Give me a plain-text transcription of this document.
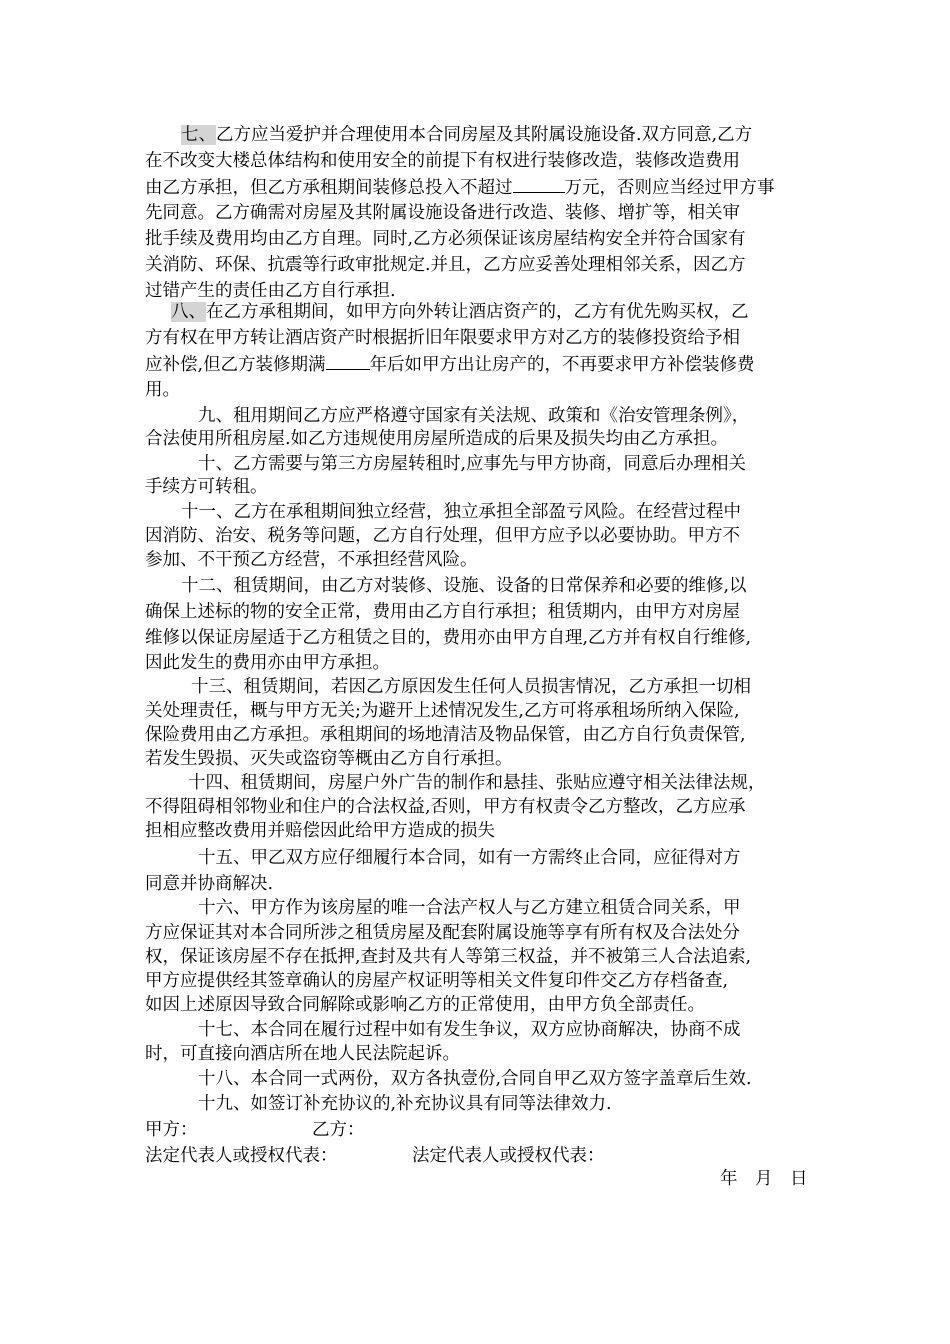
七、乙方应当爱护并合理使用本合同房屋及其附属设施设备.双方同意,乙方
在不改变大楼总体结构和使用安全的前提下有权进行装修改造，装修改造费用
由乙方承担，但乙方承租期间装修总投入不超过	万元，否则应当经过甲方事
先同意。乙方确需对房屋及其附属设施设备进行改造、装修、增扩等，相关审
批手续及费用均由乙方自理。同时,乙方必须保证该房屋结构安全并符合国家有
关消防、环保、抗震等行政审批规定.并且，乙方应妥善处理相邻关系，因乙方
过错产生的责任由乙方自行承担.
八、在乙方承租期间，如甲方向外转让酒店资产的，乙方有优先购买权，乙
方有权在甲方转让酒店资产时根据折旧年限要求甲方对乙方的装修投资给予相
应补偿,但乙方装修期满	年后如甲方出让房产的，不再要求甲方补偿装修费
用。
九、租用期间乙方应严格遵守国家有关法规、政策和《治安管理条例》，
合法使用所租房屋.如乙方违规使用房屋所造成的后果及损失均由乙方承担。
十、乙方需要与第三方房屋转租时,应事先与甲方协商，同意后办理相关
手续方可转租。
十一、乙方在承租期间独立经营，独立承担全部盈亏风险。在经营过程中
因消防、治安、税务等问题，乙方自行处理，但甲方应予以必要协助。甲方不
参加、不干预乙方经营，不承担经营风险。
十二、租赁期间，由乙方对装修、设施、设备的日常保养和必要的维修,以
确保上述标的物的安全正常，费用由乙方自行承担；租赁期内，由甲方对房屋
维修以保证房屋适于乙方租赁之目的，费用亦由甲方自理,乙方并有权自行维修,
因此发生的费用亦由甲方承担。
十三、租赁期间，若因乙方原因发生任何人员损害情况，乙方承担一切相
关处理责任，概与甲方无关;为避开上述情况发生,乙方可将承租场所纳入保险,
保险费用由乙方承担。承租期间的场地清洁及物品保管，由乙方自行负责保管,
若发生毁损、灭失或盗窃等概由乙方自行承担。
十四、租赁期间，房屋户外广告的制作和悬挂、张贴应遵守相关法律法规，
不得阻碍相邻物业和住户的合法权益,否则，甲方有权责令乙方整改，乙方应承
担相应整改费用并赔偿因此给甲方造成的损失
十五、甲乙双方应仔细履行本合同，如有一方需终止合同，应征得对方
同意并协商解决.
十六、甲方作为该房屋的唯一合法产权人与乙方建立租赁合同关系，甲
方应保证其对本合同所涉之租赁房屋及配套附属设施等享有所有权及合法处分
权，保证该房屋不存在抵押,查封及共有人等第三权益，并不被第三人合法追索,
甲方应提供经其签章确认的房屋产权证明等相关文件复印件交乙方存档备查,
如因上述原因导致合同解除或影响乙方的正常使用，由甲方负全部责任。
十七、本合同在履行过程中如有发生争议，双方应协商解决，协商不成
时，可直接向酒店所在地人民法院起诉。
十八、本合同一式两份，双方各执壹份,合同自甲乙双方签字盖章后生效.
十九、如签订补充协议的,补充协议具有同等法律效力.
甲方：	乙方：
法定代表人或授权代表：	法定代表人或授权代表：
年　月　日
